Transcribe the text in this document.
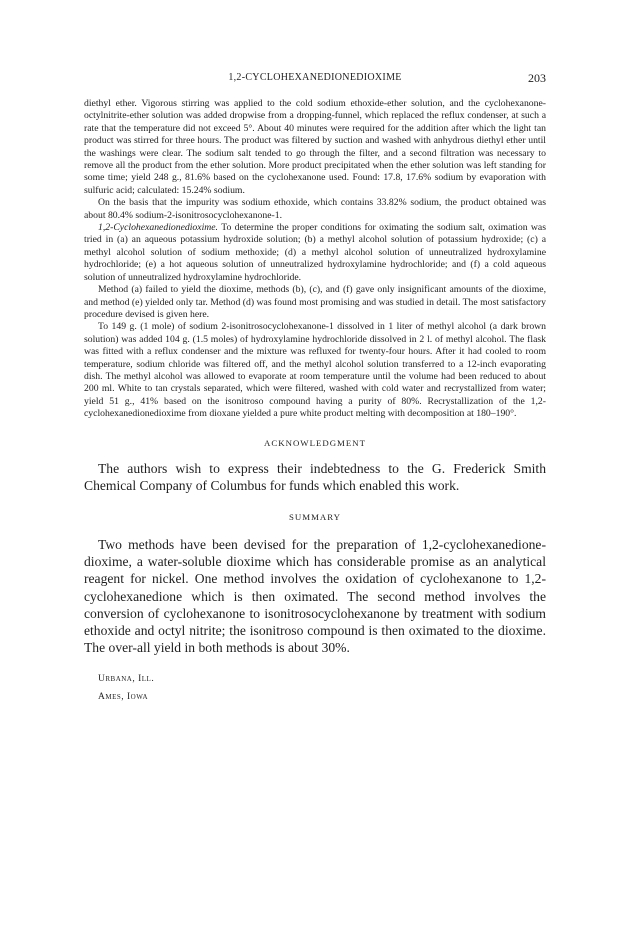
1,2-CYCLOHEXANEDIONEDIOXIME	203

diethyl ether. Vigorous stirring was applied to the cold sodium ethoxide-ether solution, and the cyclohexanone-octylnitrite-ether solution was added dropwise from a dropping-funnel, which replaced the reflux condenser, at such a rate that the temperature did not exceed 5°. About 40 minutes were required for the addition after which the light tan product was stirred for three hours. The product was filtered by suction and washed with anhydrous diethyl ether until the washings were clear. The sodium salt tended to go through the filter, and a second filtration was necessary to remove all the product from the ether solution. More product precipitated when the ether solution was left standing for some time; yield 248 g., 81.6% based on the cyclohexanone used. Found: 17.8, 17.6% sodium by evaporation with sulfuric acid; calculated: 15.24% sodium.

On the basis that the impurity was sodium ethoxide, which contains 33.82% sodium, the product obtained was about 80.4% sodium-2-isonitrosocyclohexanone-1.

1,2-Cyclohexanedionedioxime. To determine the proper conditions for oximating the sodium salt, oximation was tried in (a) an aqueous potassium hydroxide solution; (b) a methyl alcohol solution of potassium hydroxide; (c) a methyl alcohol solution of sodium methoxide; (d) a methyl alcohol solution of unneutralized hydroxylamine hydrochloride; (e) a hot aqueous solution of unneutralized hydroxylamine hydrochloride; and (f) a cold aqueous solution of unneutralized hydroxylamine hydrochloride.

Method (a) failed to yield the dioxime, methods (b), (c), and (f) gave only insignificant amounts of the dioxime, and method (e) yielded only tar. Method (d) was found most promising and was studied in detail. The most satisfactory procedure devised is given here.

To 149 g. (1 mole) of sodium 2-isonitrosocyclohexanone-1 dissolved in 1 liter of methyl alcohol (a dark brown solution) was added 104 g. (1.5 moles) of hydroxylamine hydrochloride dissolved in 2 l. of methyl alcohol. The flask was fitted with a reflux condenser and the mixture was refluxed for twenty-four hours. After it had cooled to room temperature, sodium chloride was filtered off, and the methyl alcohol solution transferred to a 12-inch evaporating dish. The methyl alcohol was allowed to evaporate at room temperature until the volume had been reduced to about 200 ml. White to tan crystals separated, which were filtered, washed with cold water and recrystallized from water; yield 51 g., 41% based on the isonitroso compound having a purity of 80%. Recrystallization of the 1,2-cyclohexanedionedioxime from dioxane yielded a pure white product melting with decomposition at 180–190°.

ACKNOWLEDGMENT

The authors wish to express their indebtedness to the G. Frederick Smith Chemical Company of Columbus for funds which enabled this work.

SUMMARY

Two methods have been devised for the preparation of 1,2-cyclohexanedione-dioxime, a water-soluble dioxime which has considerable promise as an analytical reagent for nickel. One method involves the oxidation of cyclohexanone to 1,2-cyclohexanedione which is then oximated. The second method involves the conversion of cyclohexanone to isonitrosocyclohexanone by treatment with sodium ethoxide and octyl nitrite; the isonitroso compound is then oximated to the dioxime. The over-all yield in both methods is about 30%.

Urbana, Ill.

Ames, Iowa
